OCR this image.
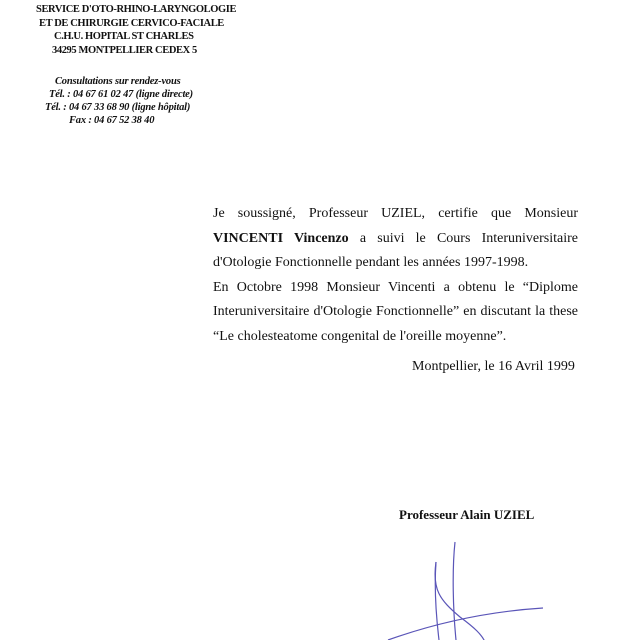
SERVICE D'OTO-RHINO-LARYNGOLOGIE
ET DE CHIRURGIE CERVICO-FACIALE
C.H.U. HOPITAL ST CHARLES
34295 MONTPELLIER CEDEX 5
Consultations sur rendez-vous
Tél. : 04 67 61 02 47 (ligne directe)
Tél. : 04 67 33 68 90 (ligne hôpital)
Fax : 04 67 52 38 40

Je soussigné, Professeur UZIEL, certifie que Monsieur VINCENTI Vincenzo a suivi le Cours Interuniversitaire d'Otologie Fonctionnelle pendant les années 1997-1998.

En Octobre 1998 Monsieur Vincenti a obtenu le “Diplome Interuniversitaire d'Otologie Fonctionnelle” en discutant la these “Le cholesteatome congenital de l'oreille moyenne”.

Montpellier, le 16 Avril 1999
Professeur Alain UZIEL
